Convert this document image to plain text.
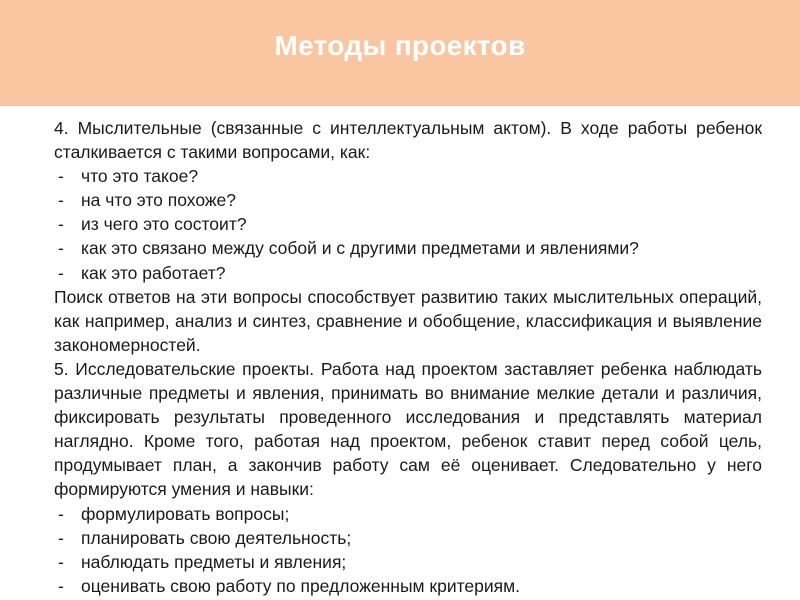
Методы проектов
4. Мыслительные (связанные с интеллектуальным актом). В ходе работы ребенок сталкивается с такими вопросами, как:
- что это такое?
- на что это похоже?
- из чего это состоит?
- как это связано между собой и с другими предметами и явлениями?
- как это работает?
Поиск ответов на эти вопросы способствует развитию таких мыслительных операций, как например, анализ и синтез, сравнение и обобщение, классификация и выявление закономерностей.
5. Исследовательские проекты. Работа над проектом заставляет ребенка наблюдать различные предметы и явления, принимать во внимание мелкие детали и различия, фиксировать результаты проведенного исследования и представлять материал наглядно. Кроме того, работая над проектом, ребенок ставит перед собой цель, продумывает план, а закончив работу сам её оценивает. Следовательно у него формируются умения и навыки:
- формулировать вопросы;
- планировать свою деятельность;
- наблюдать предметы и явления;
- оценивать свою работу по предложенным критериям.
